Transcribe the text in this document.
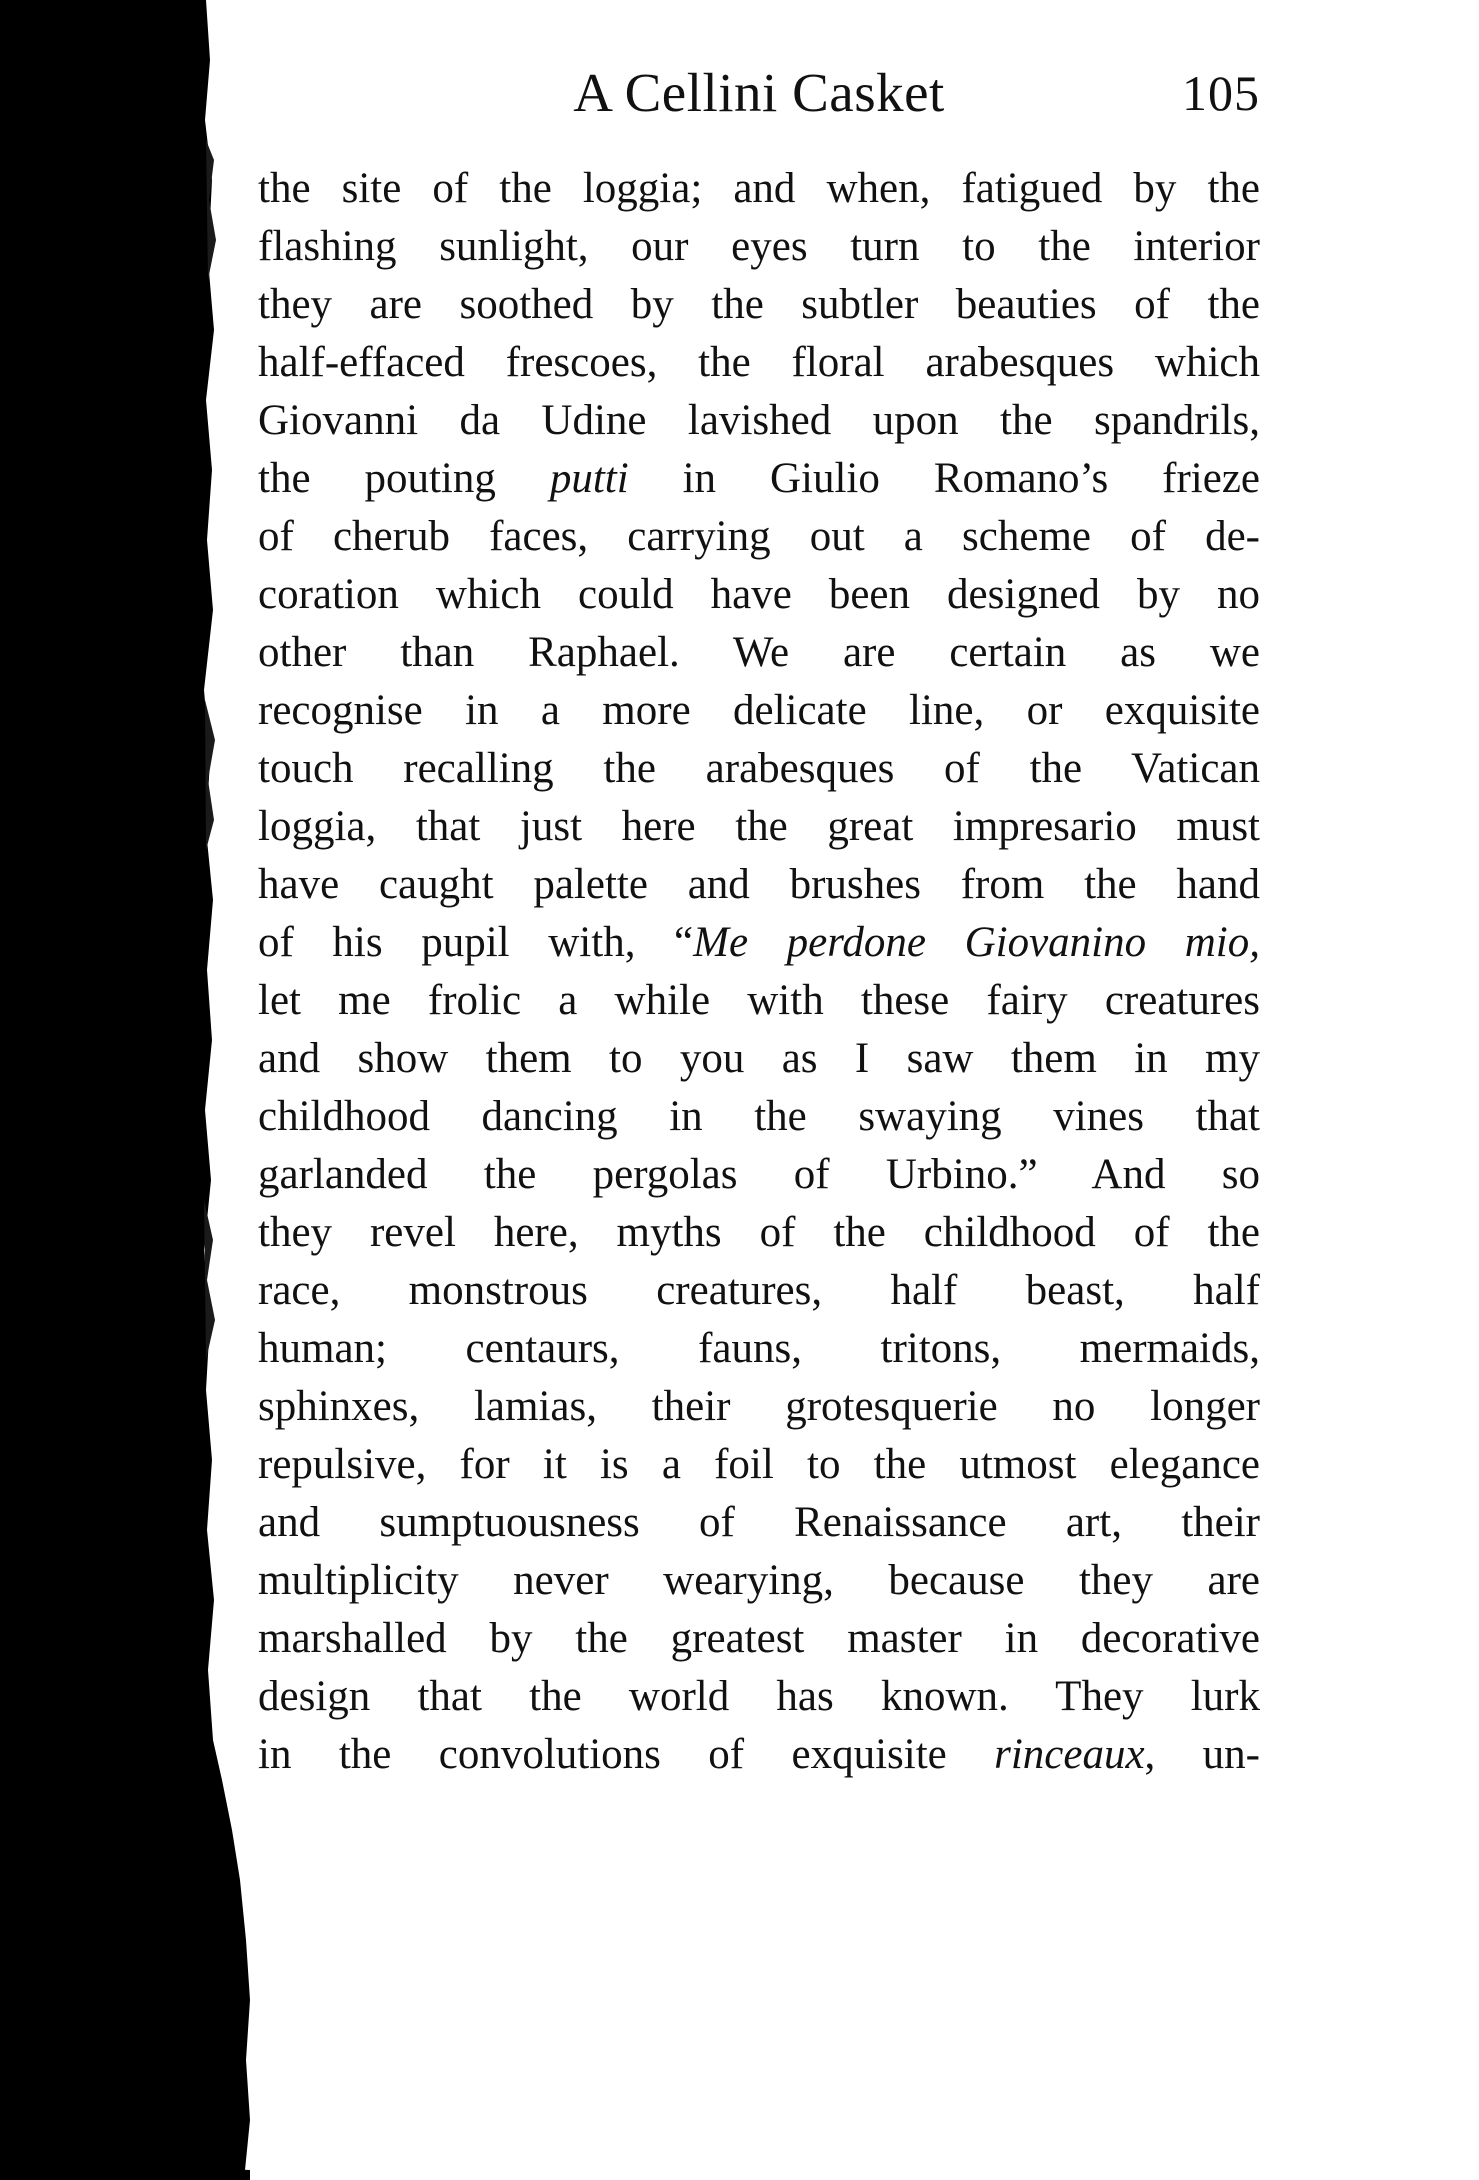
A Cellini Casket	105
the site of the loggia; and when, fatigued by the
flashing sunlight, our eyes turn to the interior
they are soothed by the subtler beauties of the
half-effaced frescoes, the floral arabesques which
Giovanni da Udine lavished upon the spandrils,
the pouting putti in Giulio Romano’s frieze
of cherub faces, carrying out a scheme of de-
coration which could have been designed by no
other than Raphael. We are certain as we
recognise in a more delicate line, or exquisite
touch recalling the arabesques of the Vatican
loggia, that just here the great impresario must
have caught palette and brushes from the hand
of his pupil with, “Me perdone Giovanino mio,
let me frolic a while with these fairy creatures
and show them to you as I saw them in my
childhood dancing in the swaying vines that
garlanded the pergolas of Urbino.” And so
they revel here, myths of the childhood of the
race, monstrous creatures, half beast, half
human; centaurs, fauns, tritons, mermaids,
sphinxes, lamias, their grotesquerie no longer
repulsive, for it is a foil to the utmost elegance
and sumptuousness of Renaissance art, their
multiplicity never wearying, because they are
marshalled by the greatest master in decorative
design that the world has known. They lurk
in the convolutions of exquisite rinceaux, un-
